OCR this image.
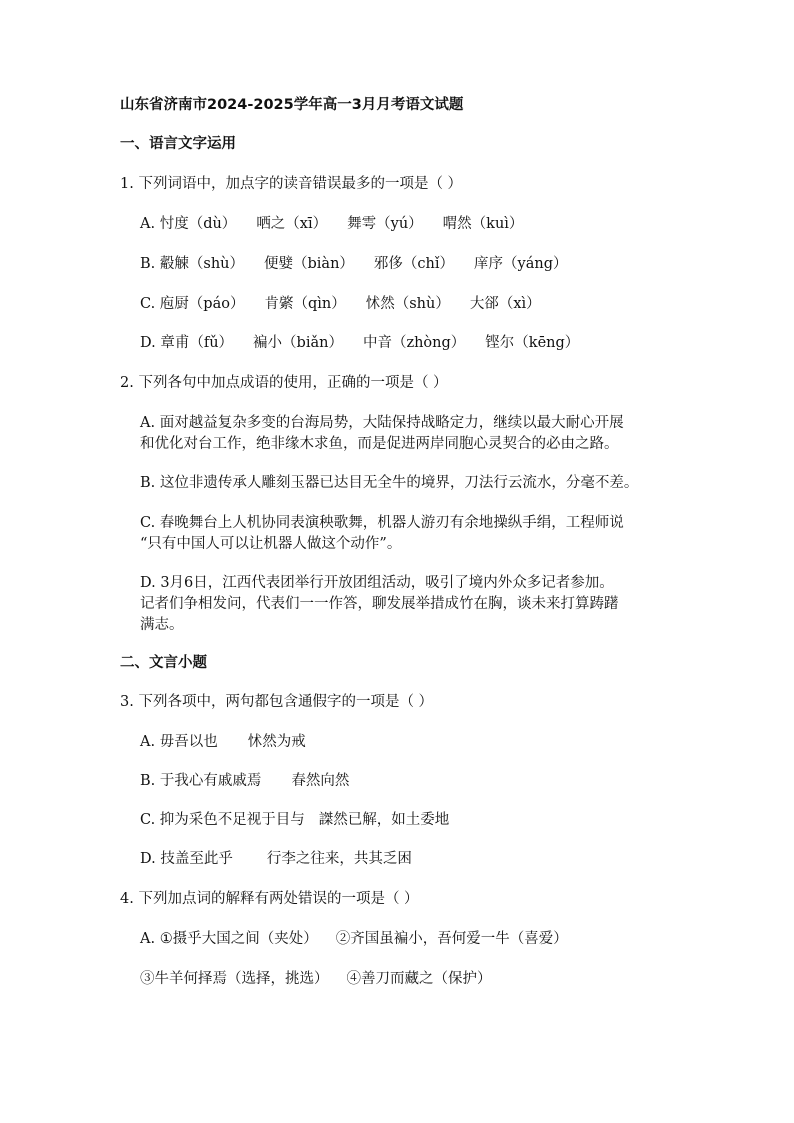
山东省济南市2024-2025学年高一3月月考语文试题
一、语言文字运用
1. 下列词语中，加点字的读音错误最多的一项是（ ）
A. 忖度（dù） 哂之（xī） 舞雩（yú） 喟然（kuì）
B. 觳觫（shù） 便嬖（biàn） 邪侈（chǐ） 庠序（yáng）
C. 庖厨（páo） 肯綮（qìn） 怵然（shù） 大郤（xì）
D. 章甫（fǔ） 褊小（biǎn） 中音（zhòng） 铿尔（kēng）
2. 下列各句中加点成语的使用，正确的一项是（ ）
A. 面对越益复杂多变的台海局势，大陆保持战略定力，继续以最大耐心开展
和优化对台工作，绝非缘木求鱼，而是促进两岸同胞心灵契合的必由之路。
B. 这位非遗传承人雕刻玉器已达目无全牛的境界，刀法行云流水，分毫不差。
C. 春晚舞台上人机协同表演秧歌舞，机器人游刃有余地操纵手绢，工程师说
“只有中国人可以让机器人做这个动作”。
D. 3月6日，江西代表团举行开放团组活动，吸引了境内外众多记者参加。
记者们争相发问，代表们一一作答，聊发展举措成竹在胸，谈未来打算踌躇
满志。
二、文言小题
3. 下列各项中，两句都包含通假字的一项是（ ）
A. 毋吾以也 怵然为戒
B. 于我心有戚戚焉 春然向然
C. 抑为采色不足视于目与 謋然已解，如土委地
D. 技盖至此乎 行李之往来，共其乏困
4. 下列加点词的解释有两处错误的一项是（ ）
A. ①摄乎大国之间（夹处） ②齐国虽褊小，吾何爱一牛（喜爱）
③牛羊何择焉（选择，挑选） ④善刀而藏之（保护）
